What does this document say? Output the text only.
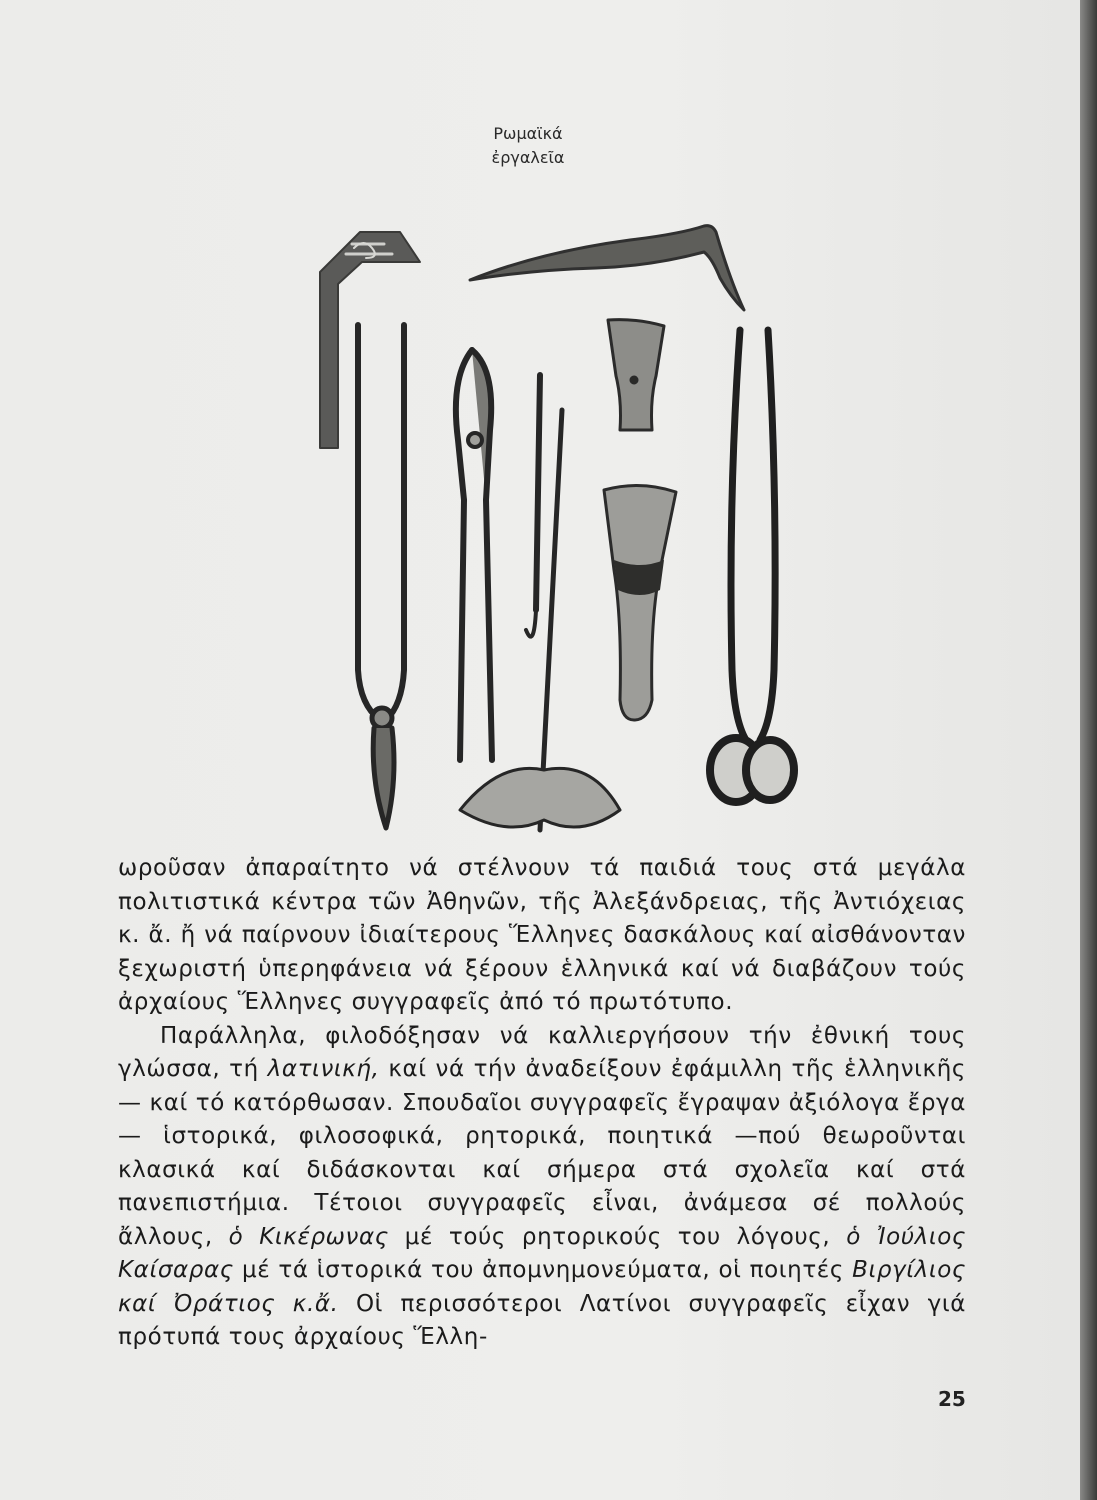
Ρωμαϊκά
ἐργαλεῖα

ωροῦσαν ἀπαραίτητο νά στέλνουν τά παιδιά τους στά μεγάλα πολιτιστικά κέντρα τῶν Ἀθηνῶν, τῆς Ἀλεξάνδρειας, τῆς Ἀντιόχειας κ. ἄ. ἤ νά παίρνουν ἰδιαίτερους Ἕλληνες δασκάλους καί αἰσθάνονταν ξεχωριστή ὑπερηφάνεια νά ξέρουν ἑλληνικά καί νά διαβάζουν τούς ἀρχαίους Ἕλληνες συγγραφεῖς ἀπό τό πρωτότυπο.

Παράλληλα, φιλοδόξησαν νά καλλιεργήσουν τήν ἐθνική τους γλώσσα, τή λατινική, καί νά τήν ἀναδείξουν ἐφάμιλλη τῆς ἑλληνικῆς— καί τό κατόρθωσαν. Σπουδαῖοι συγγραφεῖς ἔγραψαν ἀξιόλογα ἔργα— ἱστορικά, φιλοσοφικά, ρητορικά, ποιητικά —πού θεωροῦνται κλασικά καί διδάσκονται καί σήμερα στά σχολεῖα καί στά πανεπιστήμια. Τέτοιοι συγγραφεῖς εἶναι, ἀνάμεσα σέ πολλούς ἄλλους, ὁ Κικέρωνας μέ τούς ρητορικούς του λόγους, ὁ Ἰούλιος Καίσαρας μέ τά ἱστορικά του ἀπομνημονεύματα, οἱ ποιητές Βιργίλιος καί Ὀράτιος κ.ἄ. Οἱ περισσότεροι Λατίνοι συγγραφεῖς εἶχαν γιά πρότυπά τους ἀρχαίους Ἕλλη-

25
